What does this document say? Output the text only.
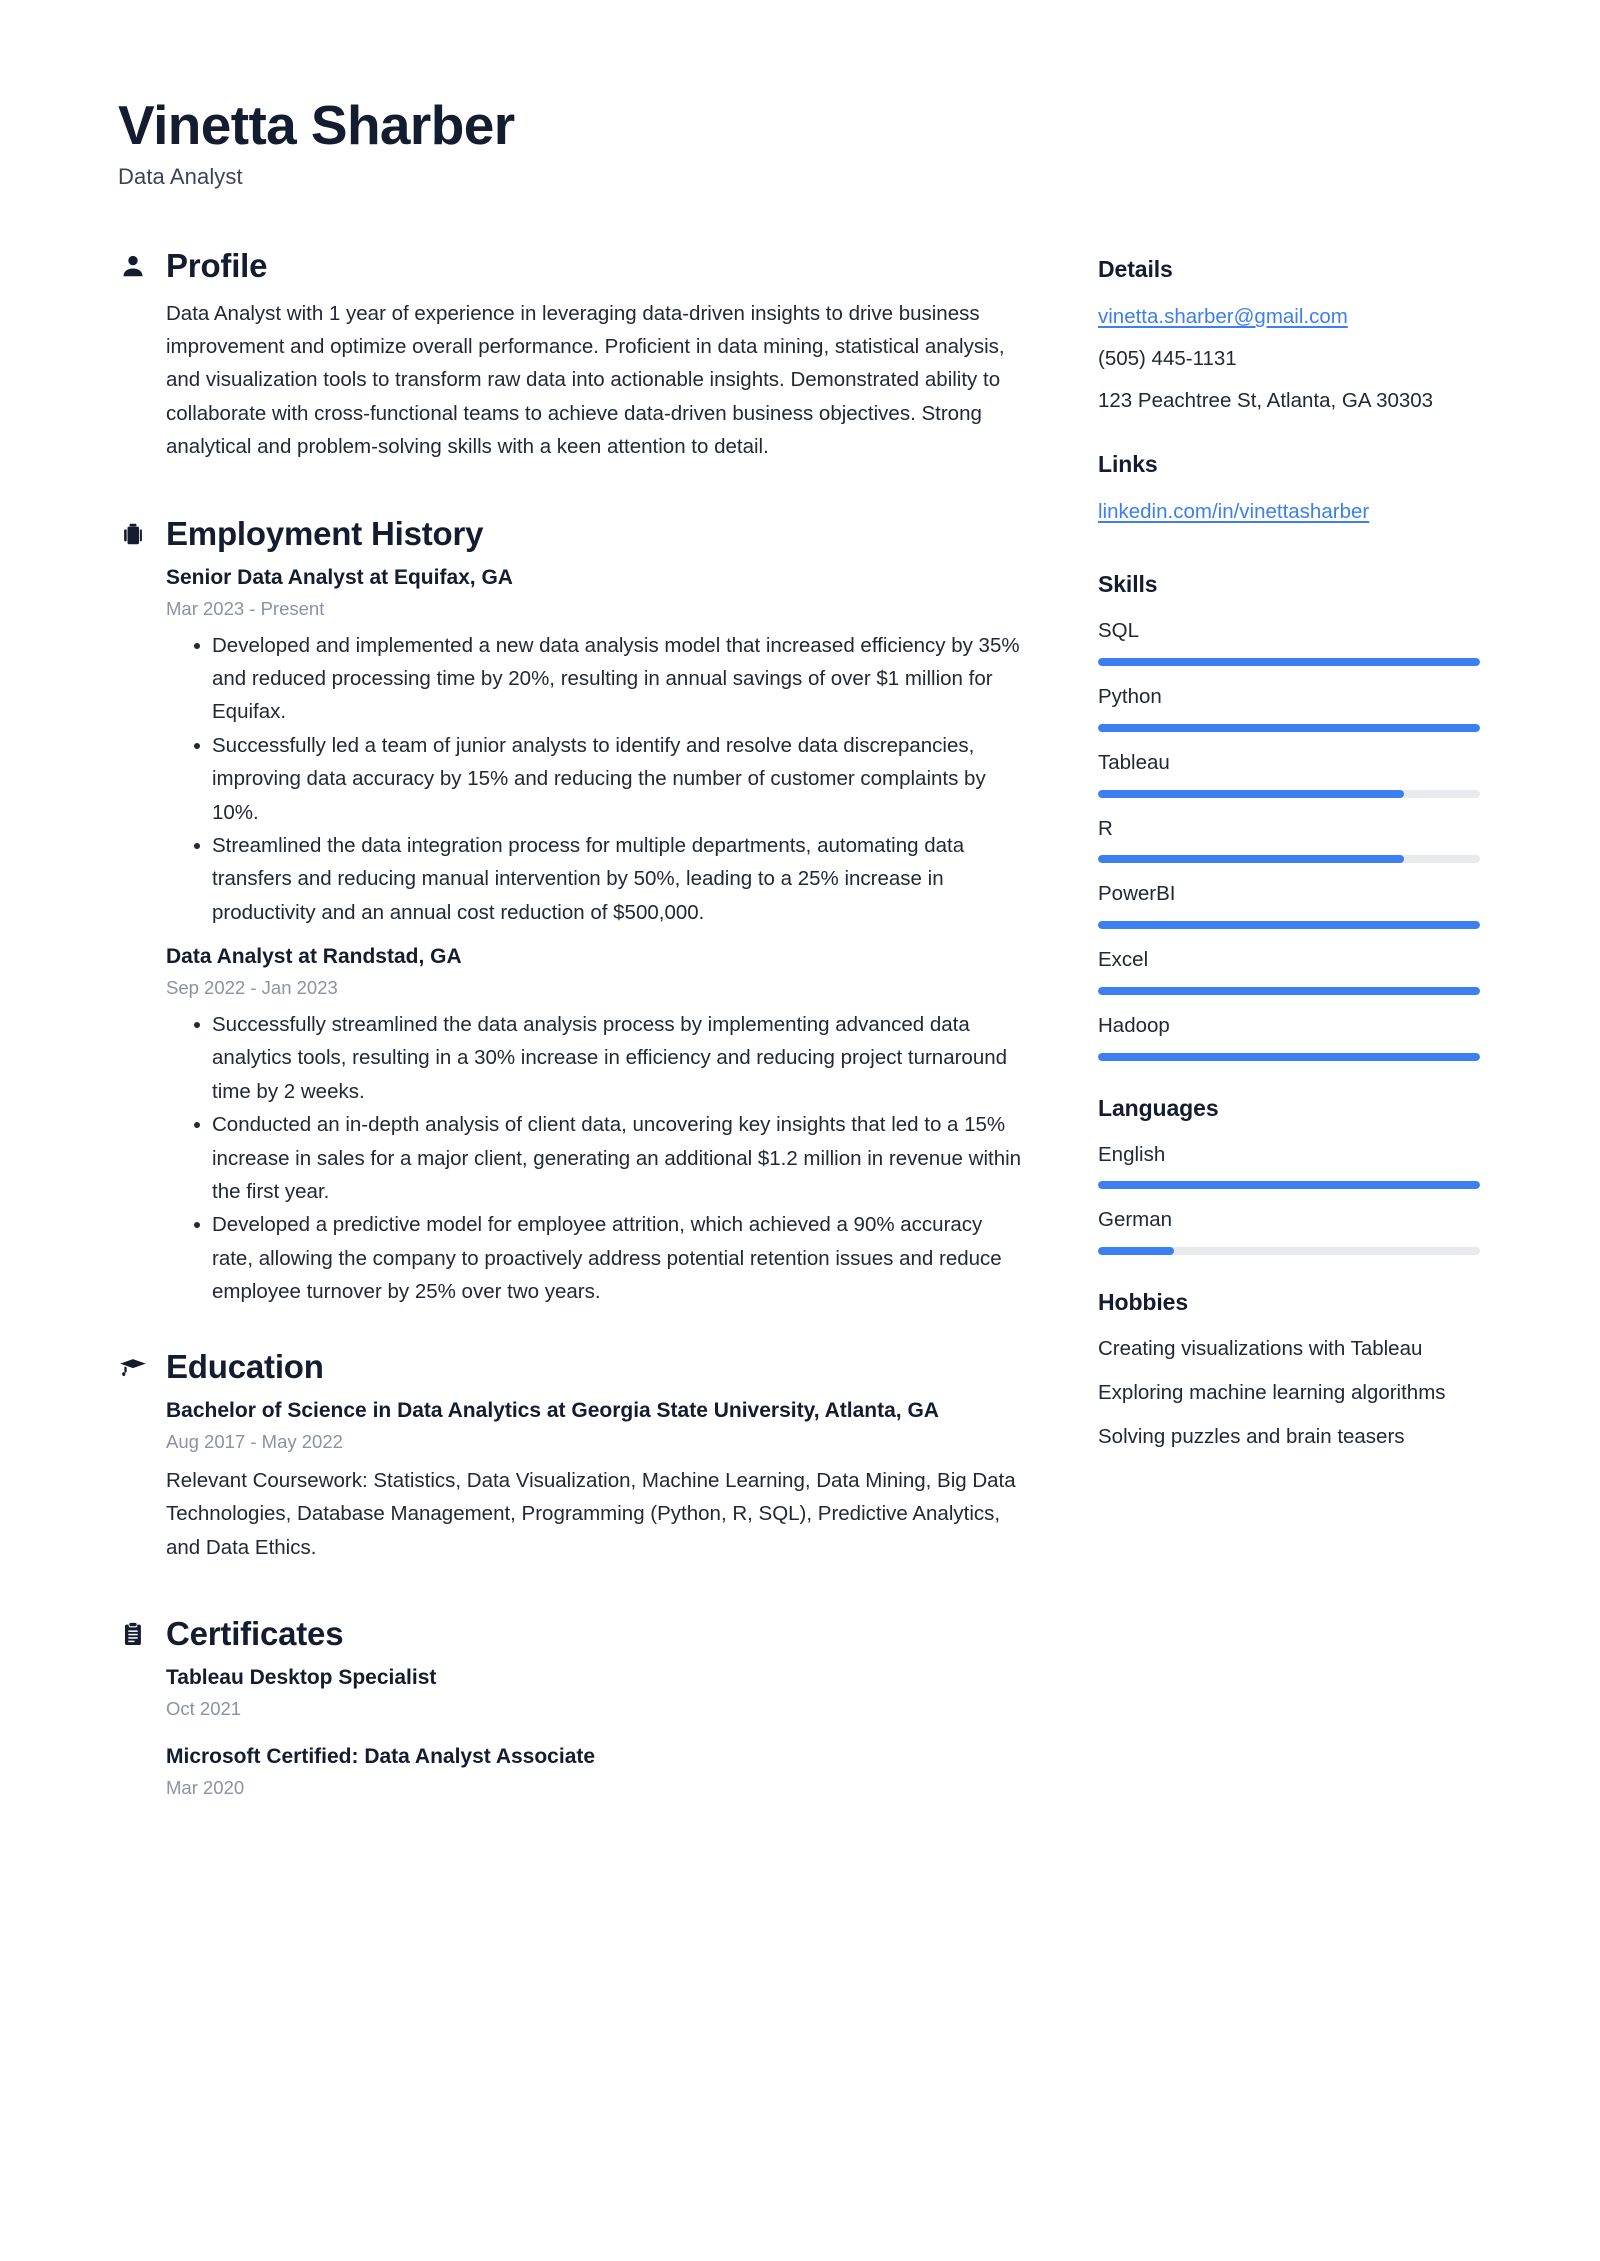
Vinetta Sharber
Data Analyst
Profile

Data Analyst with 1 year of experience in leveraging data-driven insights to drive business improvement and optimize overall performance. Proficient in data mining, statistical analysis, and visualization tools to transform raw data into actionable insights. Demonstrated ability to collaborate with cross-functional teams to achieve data-driven business objectives. Strong analytical and problem-solving skills with a keen attention to detail.

Employment History
Senior Data Analyst at Equifax, GA
Mar 2023 - Present
Developed and implemented a new data analysis model that increased efficiency by 35% and reduced processing time by 20%, resulting in annual savings of over $1 million for Equifax.
Successfully led a team of junior analysts to identify and resolve data discrepancies, improving data accuracy by 15% and reducing the number of customer complaints by 10%.
Streamlined the data integration process for multiple departments, automating data transfers and reducing manual intervention by 50%, leading to a 25% increase in productivity and an annual cost reduction of $500,000.
Data Analyst at Randstad, GA
Sep 2022 - Jan 2023
Successfully streamlined the data analysis process by implementing advanced data analytics tools, resulting in a 30% increase in efficiency and reducing project turnaround time by 2 weeks.
Conducted an in-depth analysis of client data, uncovering key insights that led to a 15% increase in sales for a major client, generating an additional $1.2 million in revenue within the first year.
Developed a predictive model for employee attrition, which achieved a 90% accuracy rate, allowing the company to proactively address potential retention issues and reduce employee turnover by 25% over two years.
Education
Bachelor of Science in Data Analytics at Georgia State University, Atlanta, GA
Aug 2017 - May 2022
Relevant Coursework: Statistics, Data Visualization, Machine Learning, Data Mining, Big Data Technologies, Database Management, Programming (Python, R, SQL), Predictive Analytics, and Data Ethics.
Certificates
Tableau Desktop Specialist
Oct 2021
Microsoft Certified: Data Analyst Associate
Mar 2020
Details
vinetta.sharber@gmail.com
(505) 445-1131
123 Peachtree St, Atlanta, GA 30303
Links
linkedin.com/in/vinettasharber
Skills
SQL
Python
Tableau
R
PowerBI
Excel
Hadoop
Languages
English
German
Hobbies
Creating visualizations with Tableau
Exploring machine learning algorithms
Solving puzzles and brain teasers
